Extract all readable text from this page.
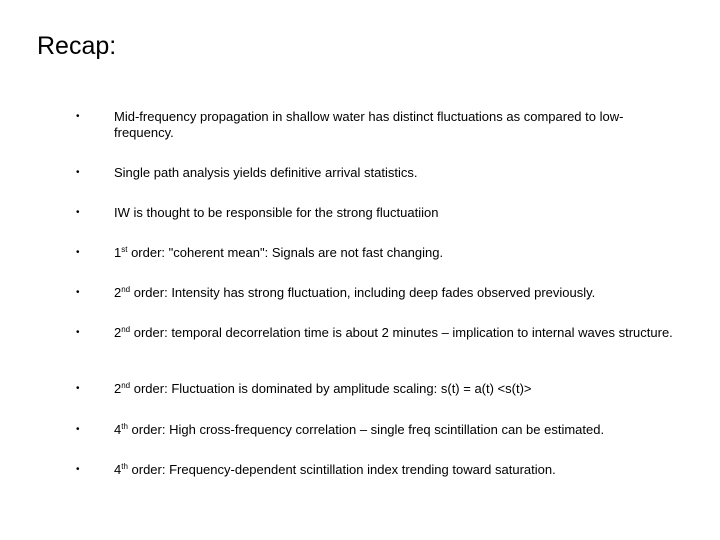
Recap:
•	Mid-frequency propagation in shallow water has distinct fluctuations as compared to low-frequency.
•	Single path analysis yields definitive arrival statistics.
•	IW is thought to be responsible for the strong fluctuatiion
•	1st order: "coherent mean": Signals are not fast changing.
•	2nd order: Intensity has strong fluctuation, including deep fades observed previously.
•	2nd order: temporal decorrelation time is about 2 minutes – implication to internal waves structure.
•	2nd order: Fluctuation is dominated by amplitude scaling: s(t) = a(t) <s(t)>
•	4th order: High cross-frequency correlation – single freq scintillation can be estimated.
•	4th order: Frequency-dependent scintillation index trending toward saturation.
